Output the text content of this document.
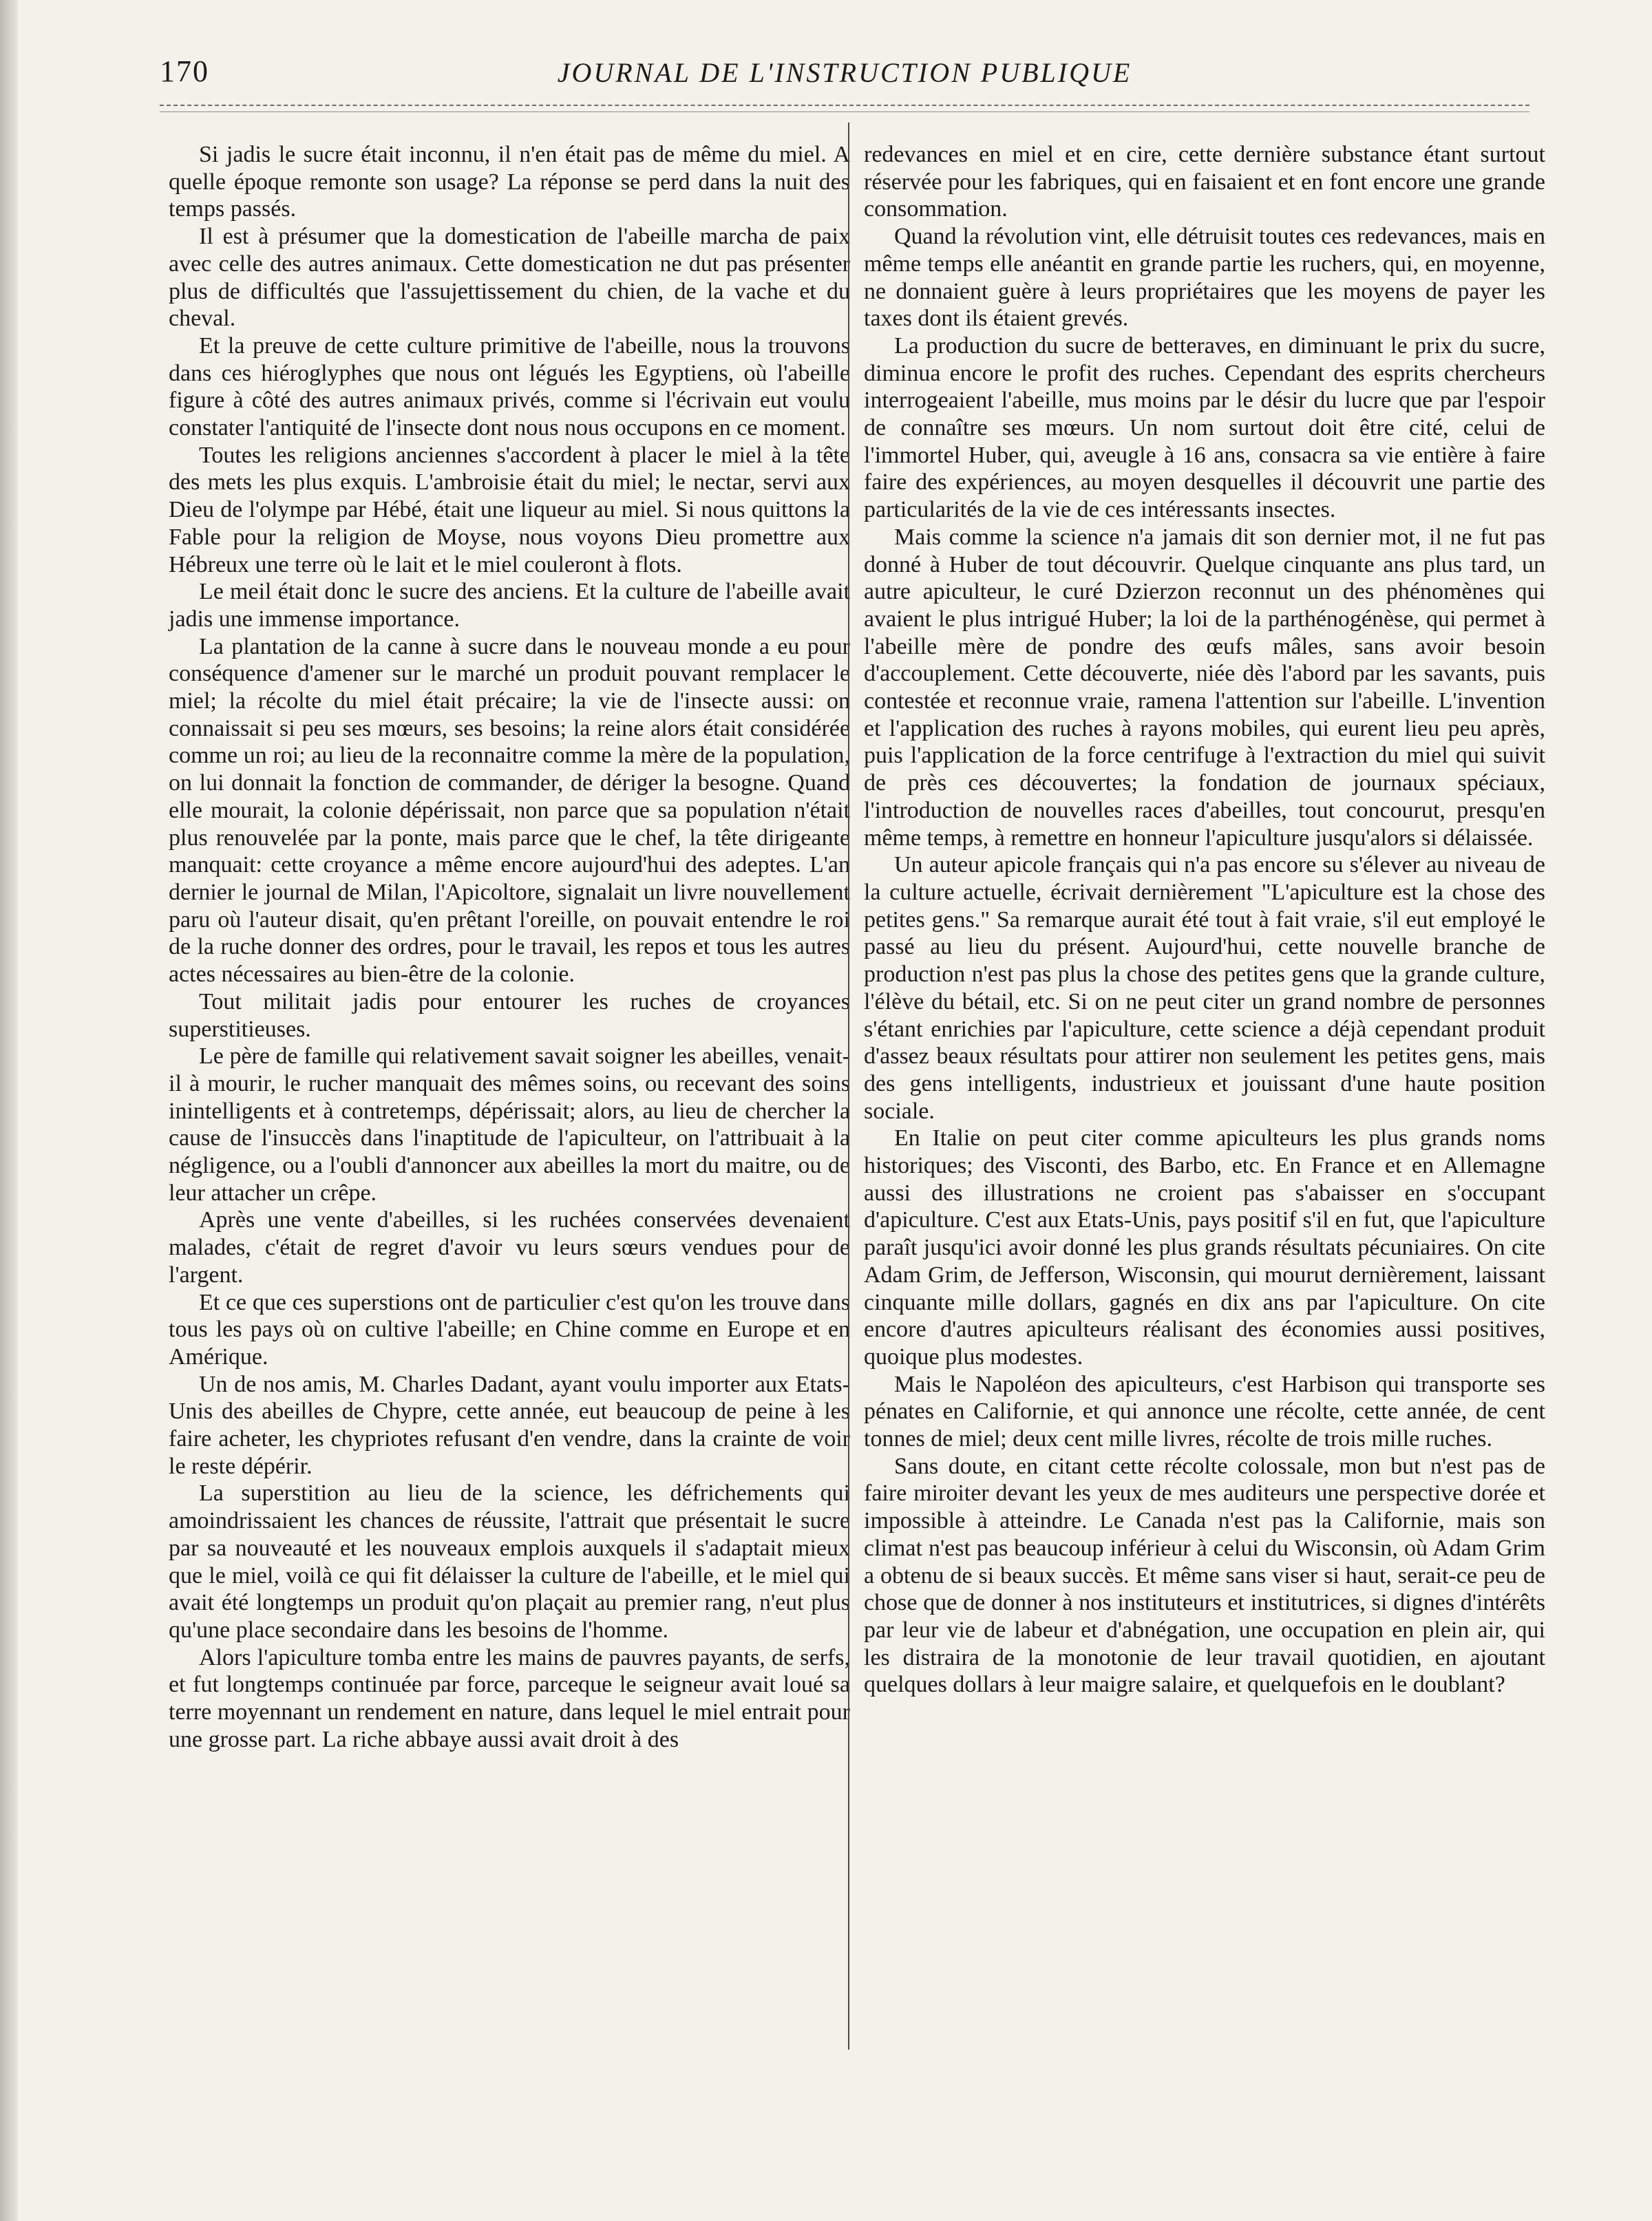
170	JOURNAL DE L'INSTRUCTION PUBLIQUE

Si jadis le sucre était inconnu, il n'en était pas de même du miel. A quelle époque remonte son usage? La réponse se perd dans la nuit des temps passés.

Il est à présumer que la domestication de l'abeille marcha de paix avec celle des autres animaux. Cette domestication ne dut pas présenter plus de difficultés que l'assujettissement du chien, de la vache et du cheval.

Et la preuve de cette culture primitive de l'abeille, nous la trouvons dans ces hiéroglyphes que nous ont légués les Egyptiens, où l'abeille figure à côté des autres animaux privés, comme si l'écrivain eut voulu constater l'antiquité de l'insecte dont nous nous occupons en ce moment.

Toutes les religions anciennes s'accordent à placer le miel à la tête des mets les plus exquis. L'ambroisie était du miel; le nectar, servi aux Dieu de l'olympe par Hébé, était une liqueur au miel. Si nous quittons la Fable pour la religion de Moyse, nous voyons Dieu promettre aux Hébreux une terre où le lait et le miel couleront à flots.

Le meil était donc le sucre des anciens. Et la culture de l'abeille avait jadis une immense importance.

La plantation de la canne à sucre dans le nouveau monde a eu pour conséquence d'amener sur le marché un produit pouvant remplacer le miel; la récolte du miel était précaire; la vie de l'insecte aussi: on connaissait si peu ses mœurs, ses besoins; la reine alors était considérée comme un roi; au lieu de la reconnaitre comme la mère de la population, on lui donnait la fonction de commander, de dériger la besogne. Quand elle mourait, la colonie dépérissait, non parce que sa population n'était plus renouvelée par la ponte, mais parce que le chef, la tête dirigeante manquait: cette croyance a même encore aujourd'hui des adeptes. L'an dernier le journal de Milan, l'Apicoltore, signalait un livre nouvellement paru où l'auteur disait, qu'en prêtant l'oreille, on pouvait entendre le roi de la ruche donner des ordres, pour le travail, les repos et tous les autres actes nécessaires au bien-être de la colonie.

Tout militait jadis pour entourer les ruches de croyances superstitieuses.

Le père de famille qui relativement savait soigner les abeilles, venait-il à mourir, le rucher manquait des mêmes soins, ou recevant des soins inintelligents et à contretemps, dépérissait; alors, au lieu de chercher la cause de l'insuccès dans l'inaptitude de l'apiculteur, on l'attribuait à la négligence, ou a l'oubli d'annoncer aux abeilles la mort du maitre, ou de leur attacher un crêpe.

Après une vente d'abeilles, si les ruchées conservées devenaient malades, c'était de regret d'avoir vu leurs sœurs vendues pour de l'argent.

Et ce que ces superstions ont de particulier c'est qu'on les trouve dans tous les pays où on cultive l'abeille; en Chine comme en Europe et en Amérique.

Un de nos amis, M. Charles Dadant, ayant voulu importer aux Etats-Unis des abeilles de Chypre, cette année, eut beaucoup de peine à les faire acheter, les chypriotes refusant d'en vendre, dans la crainte de voir le reste dépérir.

La superstition au lieu de la science, les défrichements qui amoindrissaient les chances de réussite, l'attrait que présentait le sucre par sa nouveauté et les nouveaux emplois auxquels il s'adaptait mieux que le miel, voilà ce qui fit délaisser la culture de l'abeille, et le miel qui avait été longtemps un produit qu'on plaçait au premier rang, n'eut plus qu'une place secondaire dans les besoins de l'homme.

Alors l'apiculture tomba entre les mains de pauvres payants, de serfs, et fut longtemps continuée par force, parceque le seigneur avait loué sa terre moyennant un rendement en nature, dans lequel le miel entrait pour une grosse part. La riche abbaye aussi avait droit à des

redevances en miel et en cire, cette dernière substance étant surtout réservée pour les fabriques, qui en faisaient et en font encore une grande consommation.

Quand la révolution vint, elle détruisit toutes ces redevances, mais en même temps elle anéantit en grande partie les ruchers, qui, en moyenne, ne donnaient guère à leurs propriétaires que les moyens de payer les taxes dont ils étaient grevés.

La production du sucre de betteraves, en diminuant le prix du sucre, diminua encore le profit des ruches. Cependant des esprits chercheurs interrogeaient l'abeille, mus moins par le désir du lucre que par l'espoir de connaître ses mœurs. Un nom surtout doit être cité, celui de l'immortel Huber, qui, aveugle à 16 ans, consacra sa vie entière à faire faire des expériences, au moyen desquelles il découvrit une partie des particularités de la vie de ces intéressants insectes.

Mais comme la science n'a jamais dit son dernier mot, il ne fut pas donné à Huber de tout découvrir. Quelque cinquante ans plus tard, un autre apiculteur, le curé Dzierzon reconnut un des phénomènes qui avaient le plus intrigué Huber; la loi de la parthénogénèse, qui permet à l'abeille mère de pondre des œufs mâles, sans avoir besoin d'accouplement. Cette découverte, niée dès l'abord par les savants, puis contestée et reconnue vraie, ramena l'attention sur l'abeille. L'invention et l'application des ruches à rayons mobiles, qui eurent lieu peu après, puis l'application de la force centrifuge à l'extraction du miel qui suivit de près ces découvertes; la fondation de journaux spéciaux, l'introduction de nouvelles races d'abeilles, tout concourut, presqu'en même temps, à remettre en honneur l'apiculture jusqu'alors si délaissée.

Un auteur apicole français qui n'a pas encore su s'élever au niveau de la culture actuelle, écrivait dernièrement "L'apiculture est la chose des petites gens." Sa remarque aurait été tout à fait vraie, s'il eut employé le passé au lieu du présent. Aujourd'hui, cette nouvelle branche de production n'est pas plus la chose des petites gens que la grande culture, l'élève du bétail, etc. Si on ne peut citer un grand nombre de personnes s'étant enrichies par l'apiculture, cette science a déjà cependant produit d'assez beaux résultats pour attirer non seulement les petites gens, mais des gens intelligents, industrieux et jouissant d'une haute position sociale.

En Italie on peut citer comme apiculteurs les plus grands noms historiques; des Visconti, des Barbo, etc. En France et en Allemagne aussi des illustrations ne croient pas s'abaisser en s'occupant d'apiculture. C'est aux Etats-Unis, pays positif s'il en fut, que l'apiculture paraît jusqu'ici avoir donné les plus grands résultats pécuniaires. On cite Adam Grim, de Jefferson, Wisconsin, qui mourut dernièrement, laissant cinquante mille dollars, gagnés en dix ans par l'apiculture. On cite encore d'autres apiculteurs réalisant des économies aussi positives, quoique plus modestes.

Mais le Napoléon des apiculteurs, c'est Harbison qui transporte ses pénates en Californie, et qui annonce une récolte, cette année, de cent tonnes de miel; deux cent mille livres, récolte de trois mille ruches.

Sans doute, en citant cette récolte colossale, mon but n'est pas de faire miroiter devant les yeux de mes auditeurs une perspective dorée et impossible à atteindre. Le Canada n'est pas la Californie, mais son climat n'est pas beaucoup inférieur à celui du Wisconsin, où Adam Grim a obtenu de si beaux succès. Et même sans viser si haut, serait-ce peu de chose que de donner à nos instituteurs et institutrices, si dignes d'intérêts par leur vie de labeur et d'abnégation, une occupation en plein air, qui les distraira de la monotonie de leur travail quotidien, en ajoutant quelques dollars à leur maigre salaire, et quelquefois en le doublant?
